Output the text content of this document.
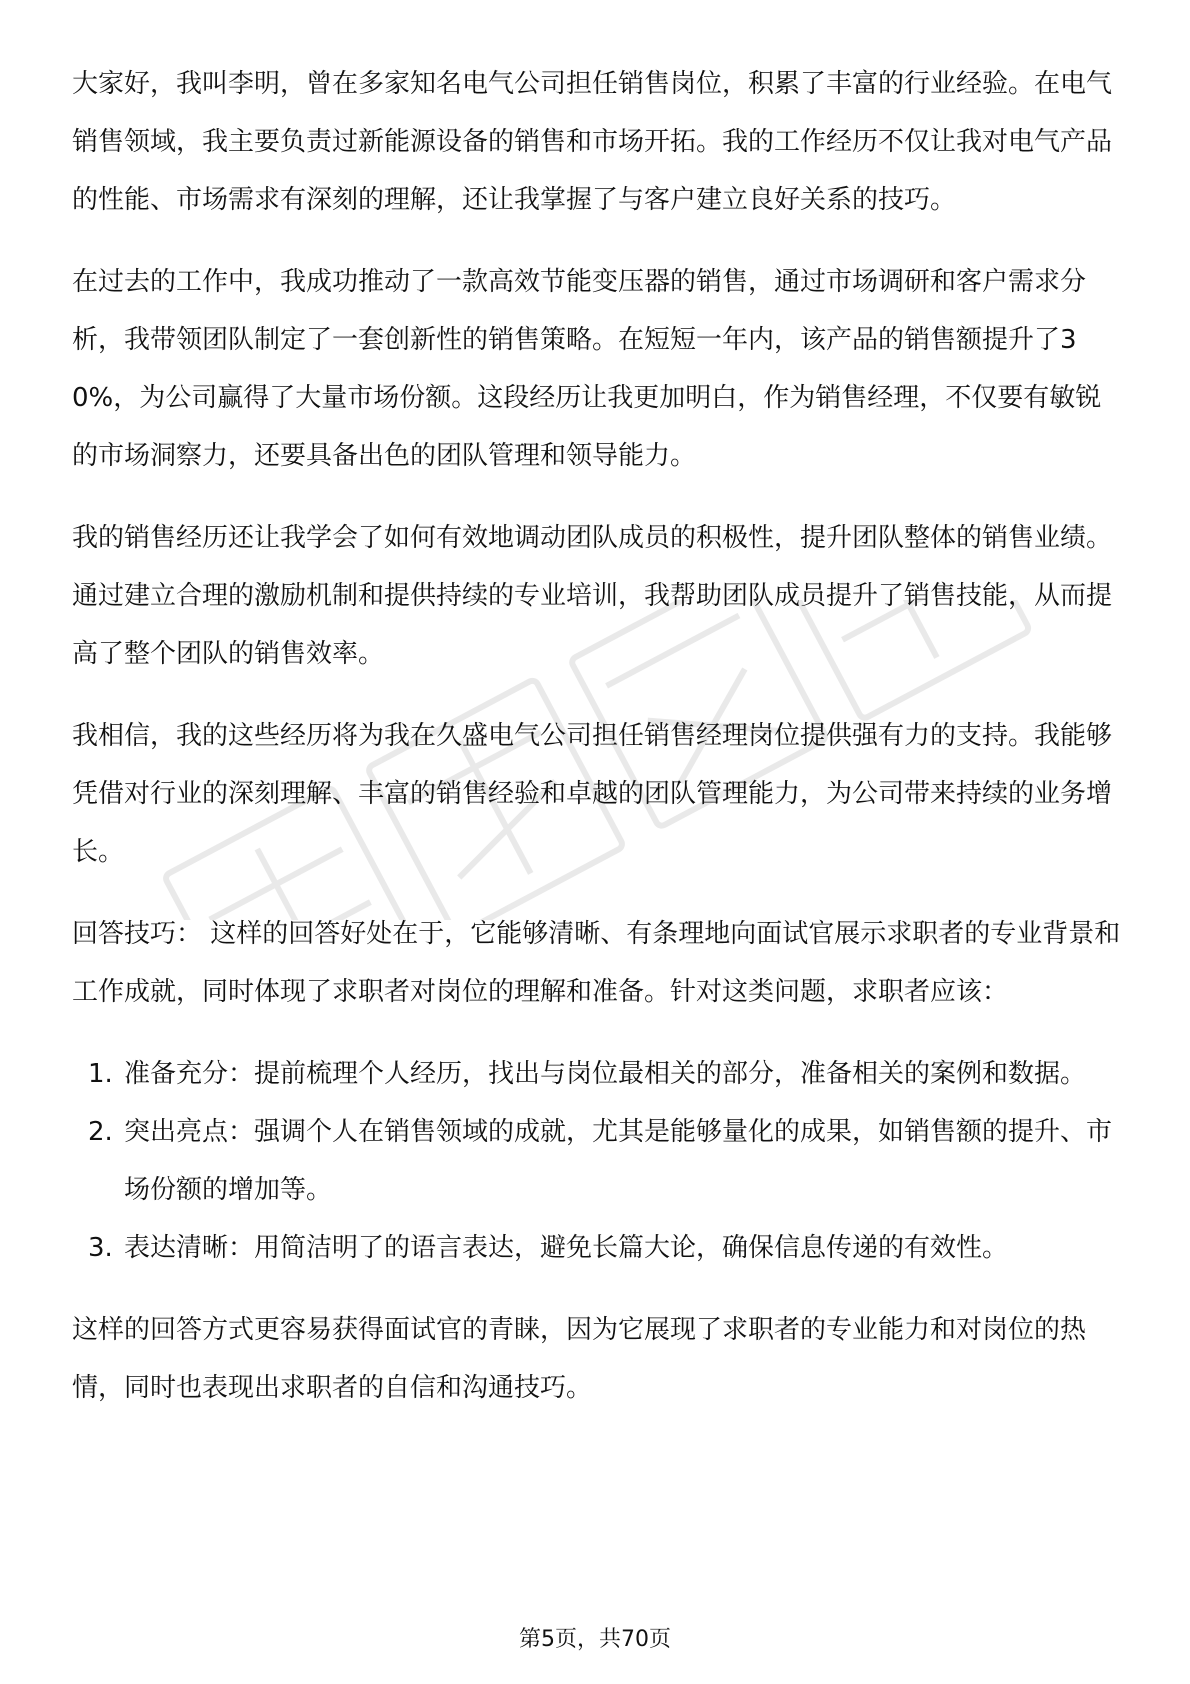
大家好，我叫李明，曾在多家知名电气公司担任销售岗位，积累了丰富的行业经验。在电气销售领域，我主要负责过新能源设备的销售和市场开拓。我的工作经历不仅让我对电气产品的性能、市场需求有深刻的理解，还让我掌握了与客户建立良好关系的技巧。

在过去的工作中，我成功推动了一款高效节能变压器的销售，通过市场调研和客户需求分析，我带领团队制定了一套创新性的销售策略。在短短一年内，该产品的销售额提升了30%，为公司赢得了大量市场份额。这段经历让我更加明白，作为销售经理，不仅要有敏锐的市场洞察力，还要具备出色的团队管理和领导能力。

我的销售经历还让我学会了如何有效地调动团队成员的积极性，提升团队整体的销售业绩。通过建立合理的激励机制和提供持续的专业培训，我帮助团队成员提升了销售技能，从而提高了整个团队的销售效率。

我相信，我的这些经历将为我在久盛电气公司担任销售经理岗位提供强有力的支持。我能够凭借对行业的深刻理解、丰富的销售经验和卓越的团队管理能力，为公司带来持续的业务增长。

回答技巧： 这样的回答好处在于，它能够清晰、有条理地向面试官展示求职者的专业背景和工作成就，同时体现了求职者对岗位的理解和准备。针对这类问题，求职者应该：

1. 准备充分：提前梳理个人经历，找出与岗位最相关的部分，准备相关的案例和数据。
2. 突出亮点：强调个人在销售领域的成就，尤其是能够量化的成果，如销售额的提升、市场份额的增加等。
3. 表达清晰：用简洁明了的语言表达，避免长篇大论，确保信息传递的有效性。

这样的回答方式更容易获得面试官的青睐，因为它展现了求职者的专业能力和对岗位的热情，同时也表现出求职者的自信和沟通技巧。

第5页，共70页
